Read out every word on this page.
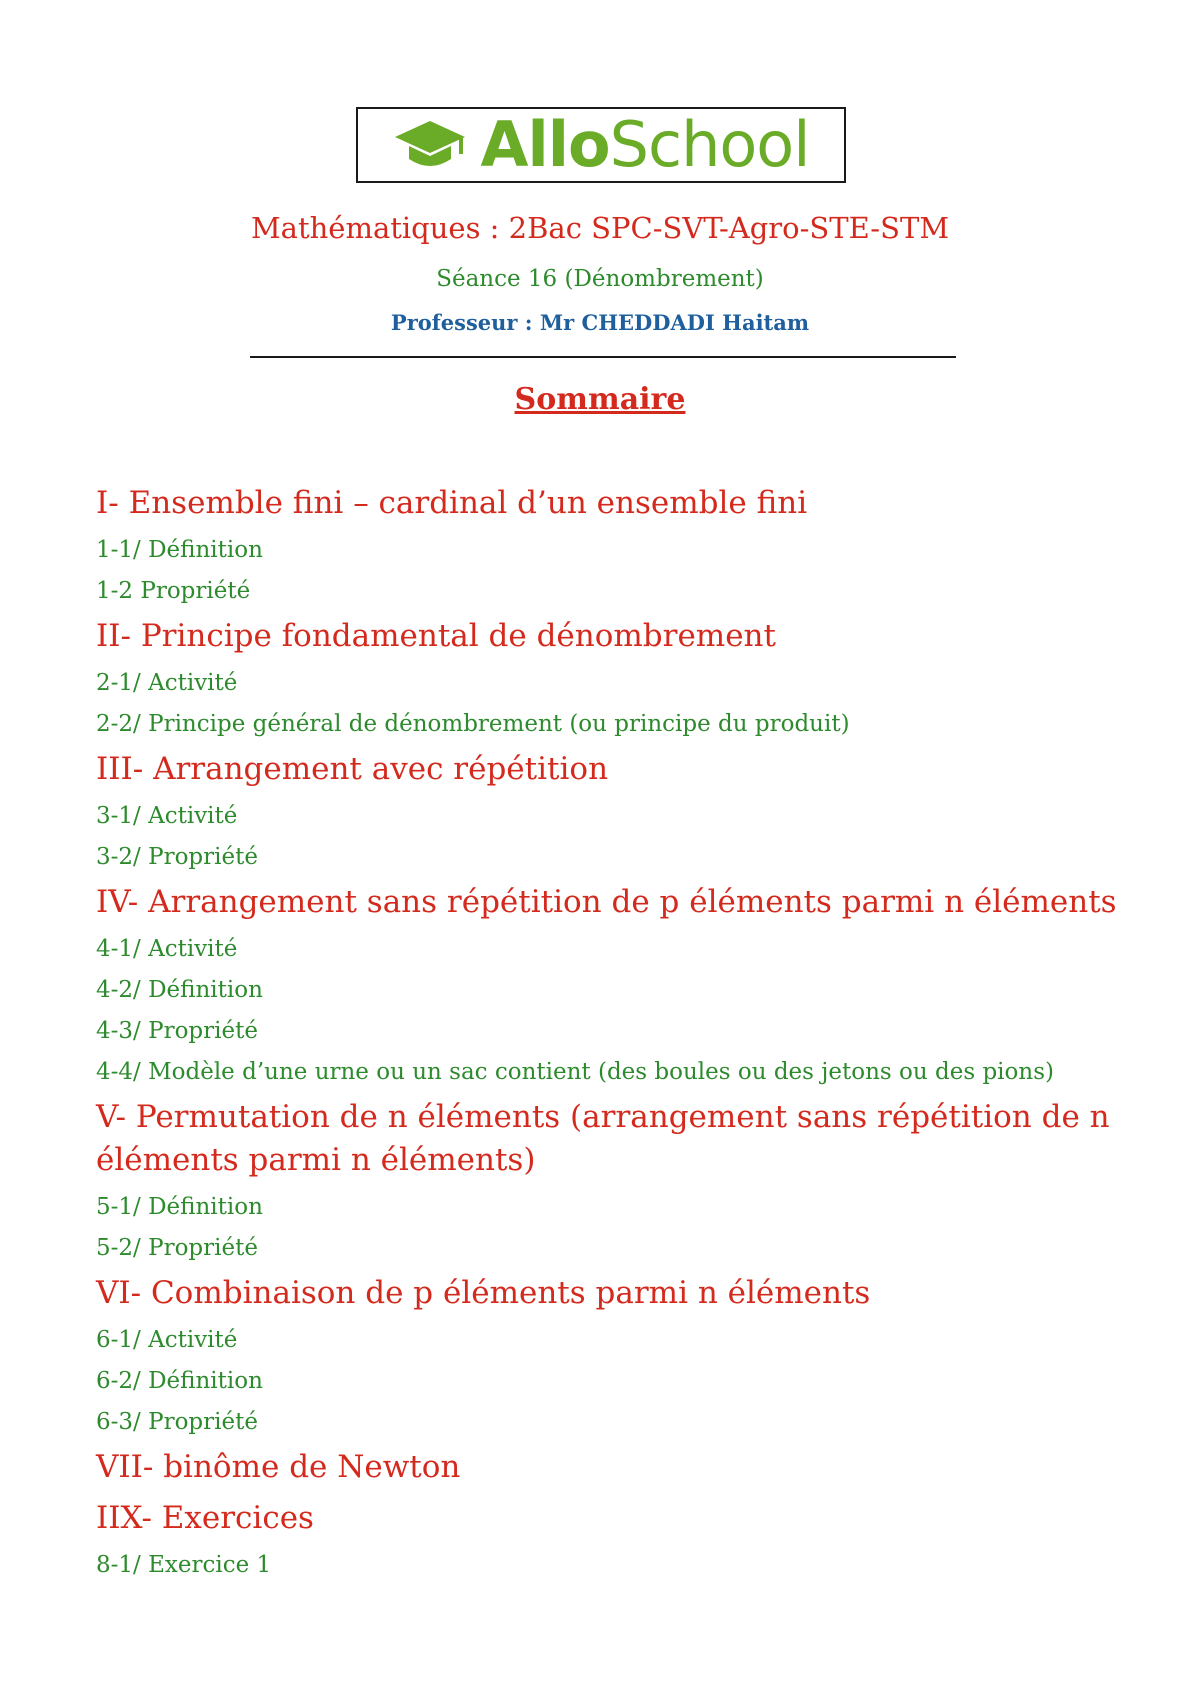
AlloSchool
Mathématiques : 2Bac SPC-SVT-Agro-STE-STM
Séance 16 (Dénombrement)
Professeur : Mr CHEDDADI Haitam
Sommaire
I- Ensemble fini – cardinal d’un ensemble fini
1-1/ Définition
1-2 Propriété
II- Principe fondamental de dénombrement
2-1/ Activité
2-2/ Principe général de dénombrement (ou principe du produit)
III- Arrangement avec répétition
3-1/ Activité
3-2/ Propriété
IV- Arrangement sans répétition de p éléments parmi n éléments
4-1/ Activité
4-2/ Définition
4-3/ Propriété
4-4/ Modèle d’une urne ou un sac contient (des boules ou des jetons ou des pions)
V- Permutation de n éléments (arrangement sans répétition de n éléments parmi n éléments)
5-1/ Définition
5-2/ Propriété
VI- Combinaison de p éléments parmi n éléments
6-1/ Activité
6-2/ Définition
6-3/ Propriété
VII- binôme de Newton
IIX- Exercices
8-1/ Exercice 1
